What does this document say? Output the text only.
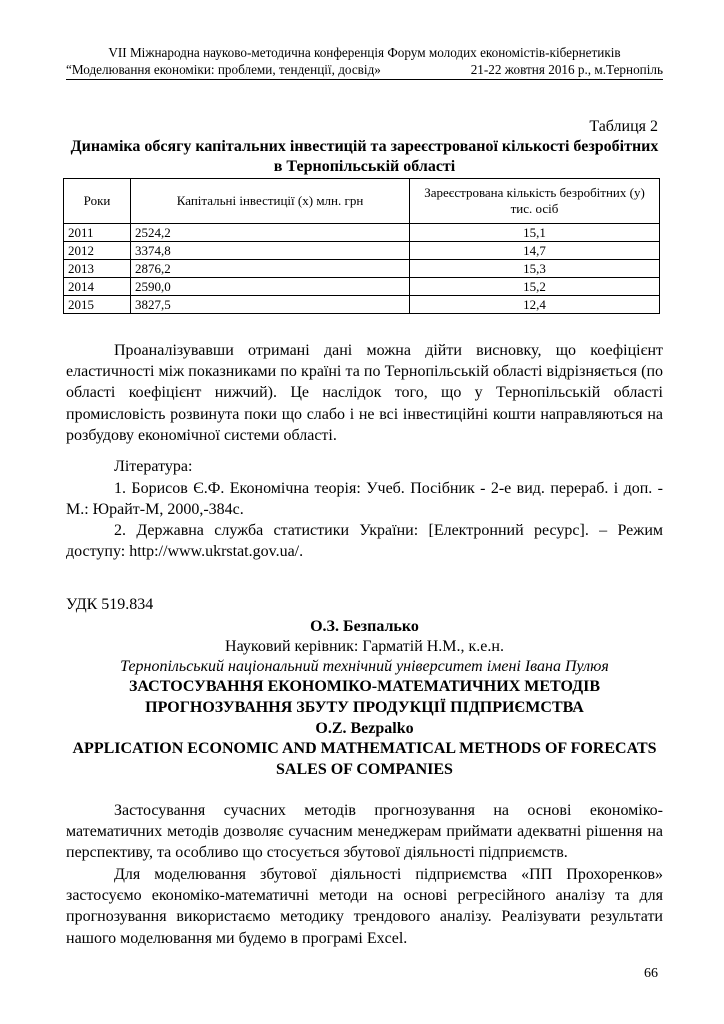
VII Міжнародна науково-методична конференція Форум молодих економістів-кібернетиків
“Моделювання економіки: проблеми, тенденції, досвід»	21-22 жовтня 2016 р., м.Тернопіль
Таблиця 2
Динаміка обсягу капітальних інвестицій та зареєстрованої кількості безробітних в Тернопільській області
Роки	Капітальні інвестиції (x) млн. грн	Зареєстрована кількість безробітних (y) тис. осіб
2011	2524,2	15,1
2012	3374,8	14,7
2013	2876,2	15,3
2014	2590,0	15,2
2015	3827,5	12,4
Проаналізувавши отримані дані можна дійти висновку, що коефіцієнт еластичності між показниками по країні та по Тернопільській області відрізняється (по області коефіцієнт нижчий). Це наслідок того, що у Тернопільській області промисловість розвинута поки що слабо і не всі інвестиційні кошти направляються на розбудову економічної системи області.
Література:
1. Борисов Є.Ф. Економічна теорія: Учеб. Посібник - 2-е вид. перераб. і доп. - М.: Юрайт-М, 2000,-384с.
2. Державна служба статистики України: [Електронний ресурс]. – Режим доступу: http://www.ukrstat.gov.ua/.
УДК 519.834
О.З. Безпалько
Науковий керівник: Гарматій Н.М., к.е.н.
Тернопільський національний технічний університет імені Івана Пулюя
ЗАСТОСУВАННЯ ЕКОНОМІКО-МАТЕМАТИЧНИХ МЕТОДІВ ПРОГНОЗУВАННЯ ЗБУТУ ПРОДУКЦІЇ ПІДПРИЄМСТВА
O.Z. Bezpalko
APPLICATION ECONOMIC AND MATHEMATICAL METHODS OF FORECATS SALES OF COMPANIES
Застосування сучасних методів прогнозування на основі економіко-математичних методів дозволяє сучасним менеджерам приймати адекватні рішення на перспективу, та особливо що стосується збутової діяльності підприємств.
Для моделювання збутової діяльності підприємства «ПП Прохоренков» застосуємо економіко-математичні методи на основі регресійного аналізу та для прогнозування використаємо методику трендового аналізу. Реалізувати результати нашого моделювання ми будемо в програмі Excel.
66
